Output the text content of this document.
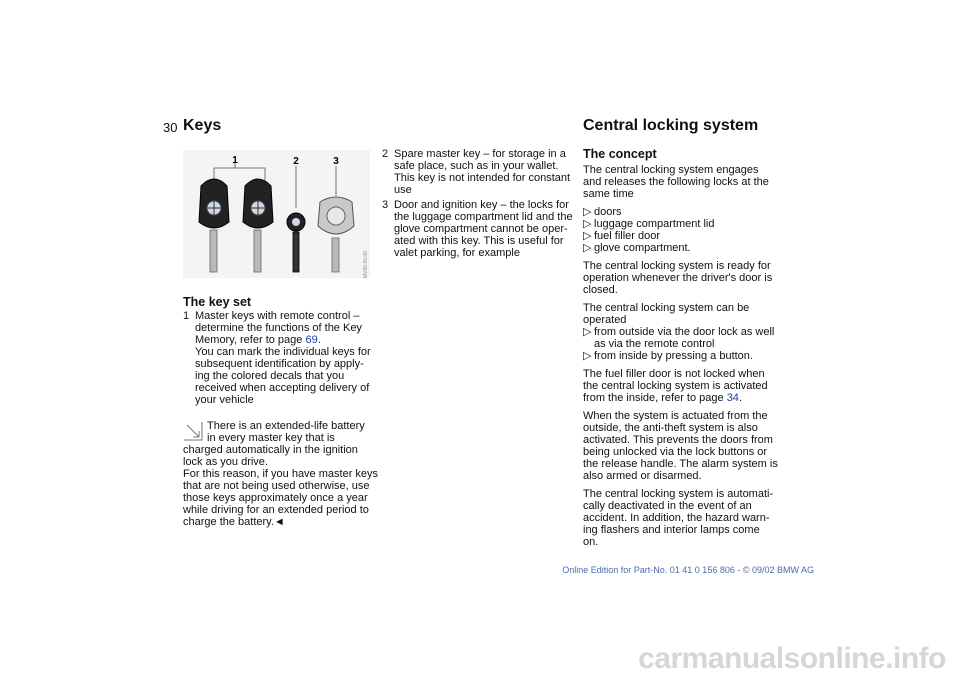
30 Keys	Central locking system
1	2	3
MV00.00.00
The key set
1 Master keys with remote control –
determine the functions of the Key
Memory, refer to page 69.
You can mark the individual keys for
subsequent identification by apply-
ing the colored decals that you
received when accepting delivery of
your vehicle
There is an extended-life battery
in every master key that is
charged automatically in the ignition
lock as you drive.
For this reason, if you have master keys
that are not being used otherwise, use
those keys approximately once a year
while driving for an extended period to
charge the battery.◄
2 Spare master key – for storage in a
safe place, such as in your wallet.
This key is not intended for constant
use
3 Door and ignition key – the locks for
the luggage compartment lid and the
glove compartment cannot be oper-
ated with this key. This is useful for
valet parking, for example
The concept

The central locking system engages
and releases the following locks at the
same time

▷ doors
▷ luggage compartment lid
▷ fuel filler door
▷ glove compartment.

The central locking system is ready for
operation whenever the driver's door is
closed.

The central locking system can be
operated

▷ from outside via the door lock as well
as via the remote control
▷ from inside by pressing a button.

The fuel filler door is not locked when
the central locking system is activated
from the inside, refer to page 34.

When the system is actuated from the
outside, the anti-theft system is also
activated. This prevents the doors from
being unlocked via the lock buttons or
the release handle. The alarm system is
also armed or disarmed.

The central locking system is automati-
cally deactivated in the event of an
accident. In addition, the hazard warn-
ing flashers and interior lamps come on.

Online Edition for Part-No. 01 41 0 156 806 - © 09/02 BMW AG
carmanualsonline.info
